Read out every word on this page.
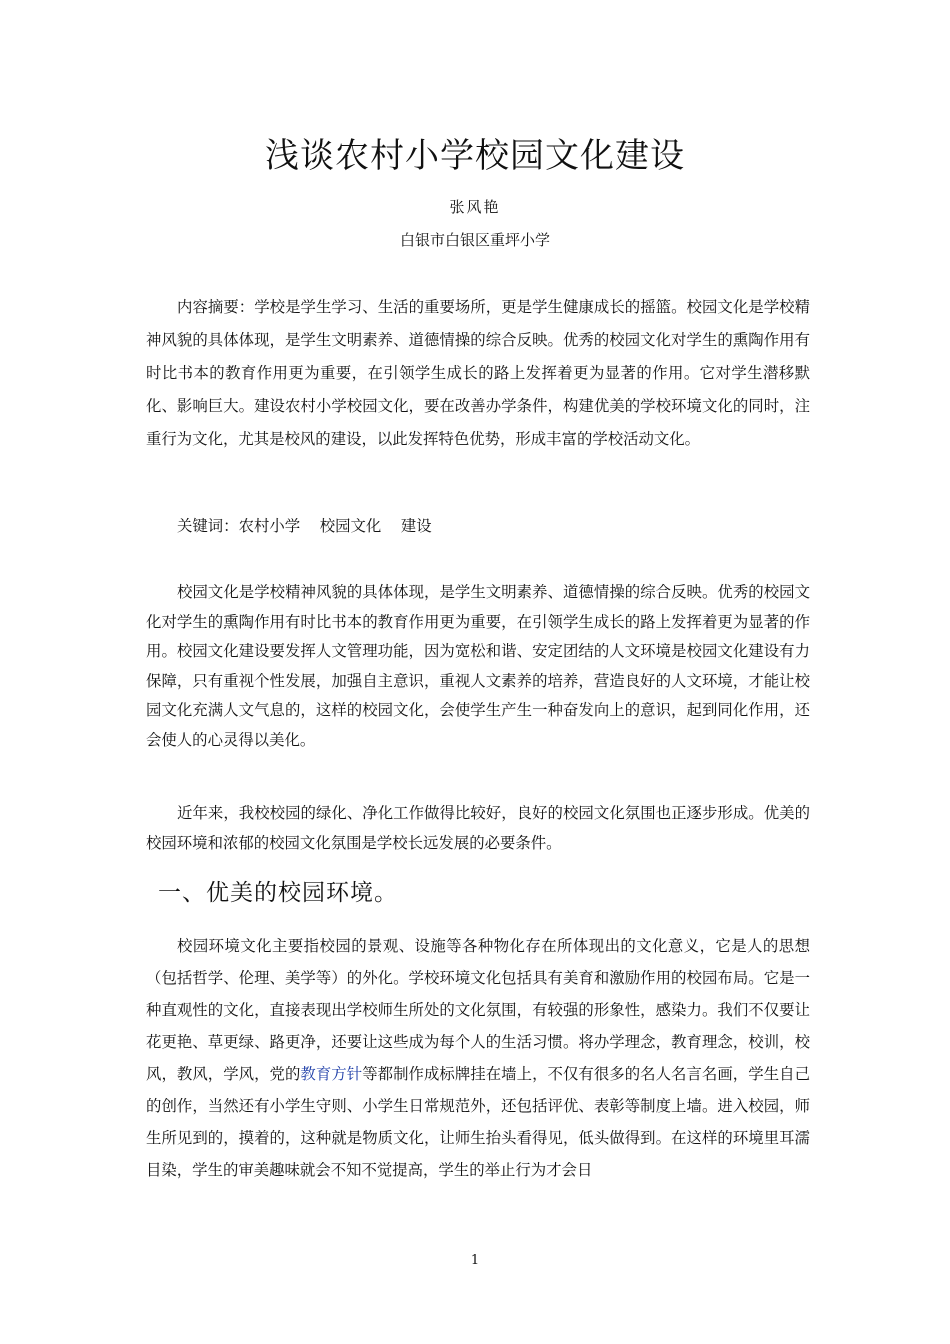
浅谈农村小学校园文化建设
张风艳
白银市白银区重坪小学

内容摘要：学校是学生学习、生活的重要场所，更是学生健康成长的摇篮。校园文化是学校精神风貌的具体体现，是学生文明素养、道德情操的综合反映。优秀的校园文化对学生的熏陶作用有时比书本的教育作用更为重要，在引领学生成长的路上发挥着更为显著的作用。它对学生潜移默化、影响巨大。建设农村小学校园文化，要在改善办学条件，构建优美的学校环境文化的同时，注重行为文化，尤其是校风的建设，以此发挥特色优势，形成丰富的学校活动文化。

关键词：农村小学    校园文化    建设

校园文化是学校精神风貌的具体体现，是学生文明素养、道德情操的综合反映。优秀的校园文化对学生的熏陶作用有时比书本的教育作用更为重要，在引领学生成长的路上发挥着更为显著的作用。校园文化建设要发挥人文管理功能，因为宽松和谐、安定团结的人文环境是校园文化建设有力保障，只有重视个性发展，加强自主意识，重视人文素养的培养，营造良好的人文环境，才能让校园文化充满人文气息的，这样的校园文化，会使学生产生一种奋发向上的意识，起到同化作用，还会使人的心灵得以美化。

近年来，我校校园的绿化、净化工作做得比较好，良好的校园文化氛围也正逐步形成。优美的校园环境和浓郁的校园文化氛围是学校长远发展的必要条件。

一、优美的校园环境。

校园环境文化主要指校园的景观、设施等各种物化存在所体现出的文化意义，它是人的思想（包括哲学、伦理、美学等）的外化。学校环境文化包括具有美育和激励作用的校园布局。它是一种直观性的文化，直接表现出学校师生所处的文化氛围，有较强的形象性，感染力。我们不仅要让花更艳、草更绿、路更净，还要让这些成为每个人的生活习惯。将办学理念，教育理念，校训，校风，教风，学风，党的教育方针等都制作成标牌挂在墙上，不仅有很多的名人名言名画，学生自己的创作，当然还有小学生守则、小学生日常规范外，还包括评优、表彰等制度上墙。进入校园，师生所见到的，摸着的，这种就是物质文化，让师生抬头看得见，低头做得到。在这样的环境里耳濡目染，学生的审美趣味就会不知不觉提高，学生的举止行为才会日

1
